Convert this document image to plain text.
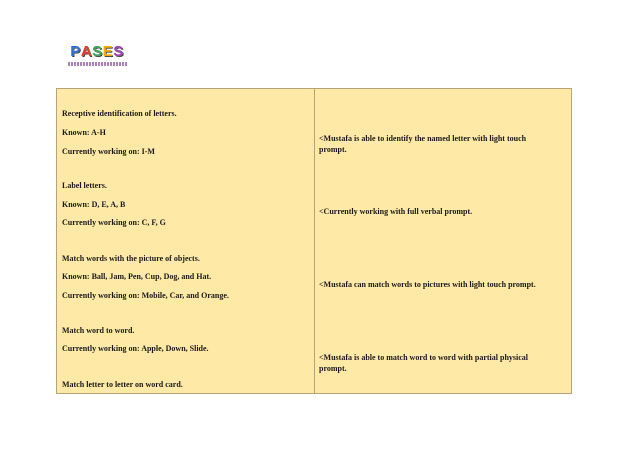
P A S E S
Receptive identification of letters.
Known: A-H
Currently working on: I-M
Label letters.
Known: D, E, A, B
Currently working on: C, F, G
Match words with the picture of objects.
Known: Ball, Jam, Pen, Cup, Dog, and Hat.
Currently working on: Mobile, Car, and Orange.
Match word to word.
Currently working on: Apple, Down, Slide.
Match letter to letter on word card.
<Mustafa is able to identify the named letter with light touch
prompt.
<Currently working with full verbal prompt.
<Mustafa can match words to pictures with light touch prompt.
<Mustafa is able to match word to word with partial physical
prompt.
